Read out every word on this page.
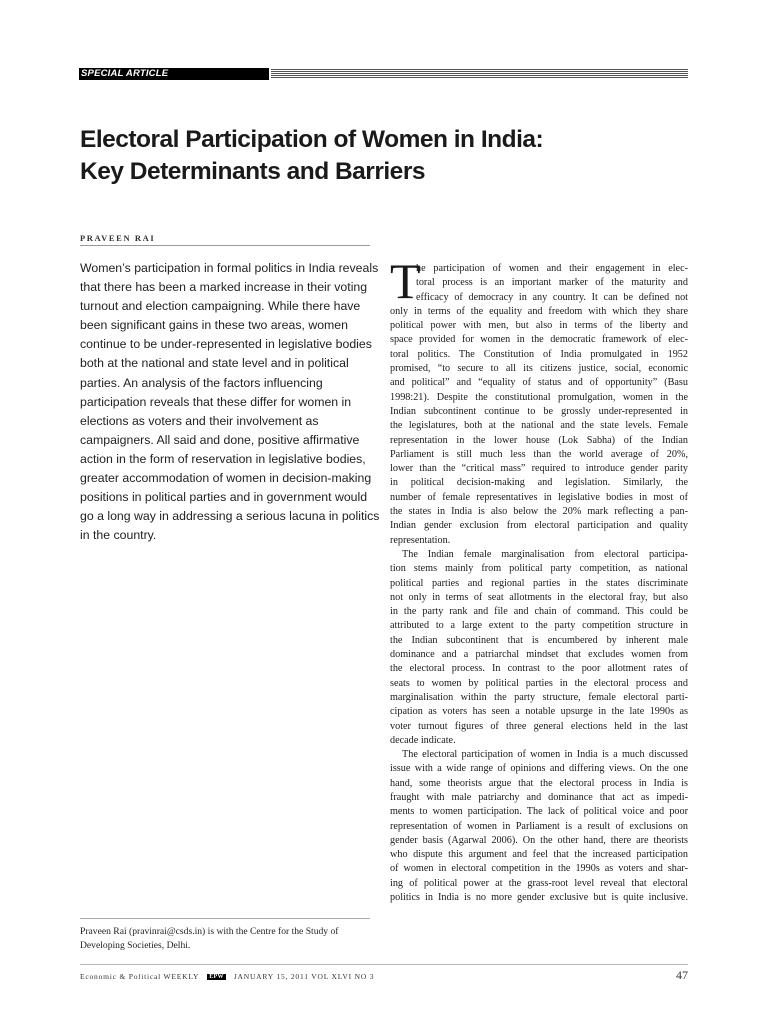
SPECIAL ARTICLE
Electoral Participation of Women in India:
Key Determinants and Barriers
PRAVEEN RAI
Women’s participation in formal politics in India reveals
that there has been a marked increase in their voting
turnout and election campaigning. While there have
been significant gains in these two areas, women
continue to be under-represented in legislative bodies
both at the national and state level and in political
parties. An analysis of the factors influencing
participation reveals that these differ for women in
elections as voters and their involvement as
campaigners. All said and done, positive affirmative
action in the form of reservation in legislative bodies,
greater accommodation of women in decision-making
positions in political parties and in government would
go a long way in addressing a serious lacuna in politics
in the country.
Praveen Rai (pravinrai@csds.in) is with the Centre for the Study of
Developing Societies, Delhi.
T
he participation of women and their engagement in elec-
toral process is an important marker of the maturity and
efficacy of democracy in any country. It can be defined not
only in terms of the equality and freedom with which they share
political power with men, but also in terms of the liberty and
space provided for women in the democratic framework of elec-
toral politics. The Constitution of India promulgated in 1952
promised, “to secure to all its citizens justice, social, economic
and political” and “equality of status and of opportunity” (Basu
1998:21). Despite the constitutional promulgation, women in the
Indian subcontinent continue to be grossly under-represented in
the legislatures, both at the national and the state levels. Female
representation in the lower house (Lok Sabha) of the Indian
Parliament is still much less than the world average of 20%,
lower than the “critical mass” required to introduce gender parity
in political decision-making and legislation. Similarly, the
number of female representatives in legislative bodies in most of
the states in India is also below the 20% mark reflecting a pan-
Indian gender exclusion from electoral participation and quality
representation.
The Indian female marginalisation from electoral participa-
tion stems mainly from political party competition, as national
political parties and regional parties in the states discriminate
not only in terms of seat allotments in the electoral fray, but also
in the party rank and file and chain of command. This could be
attributed to a large extent to the party competition structure in
the Indian subcontinent that is encumbered by inherent male
dominance and a patriarchal mindset that excludes women from
the electoral process. In contrast to the poor allotment rates of
seats to women by political parties in the electoral process and
marginalisation within the party structure, female electoral parti-
cipation as voters has seen a notable upsurge in the late 1990s as
voter turnout figures of three general elections held in the last
decade indicate.
The electoral participation of women in India is a much discussed
issue with a wide range of opinions and differing views. On the one
hand, some theorists argue that the electoral process in India is
fraught with male patriarchy and dominance that act as impedi-
ments to women participation. The lack of political voice and poor
representation of women in Parliament is a result of exclusions on
gender basis (Agarwal 2006). On the other hand, there are theorists
who dispute this argument and feel that the increased participation
of women in electoral competition in the 1990s as voters and shar-
ing of political power at the grass-root level reveal that electoral
politics in India is no more gender exclusive but is quite inclusive.
Economic & Political WEEKLY EPW JANUARY 15, 2011 VOL XLVI NO 3	47
